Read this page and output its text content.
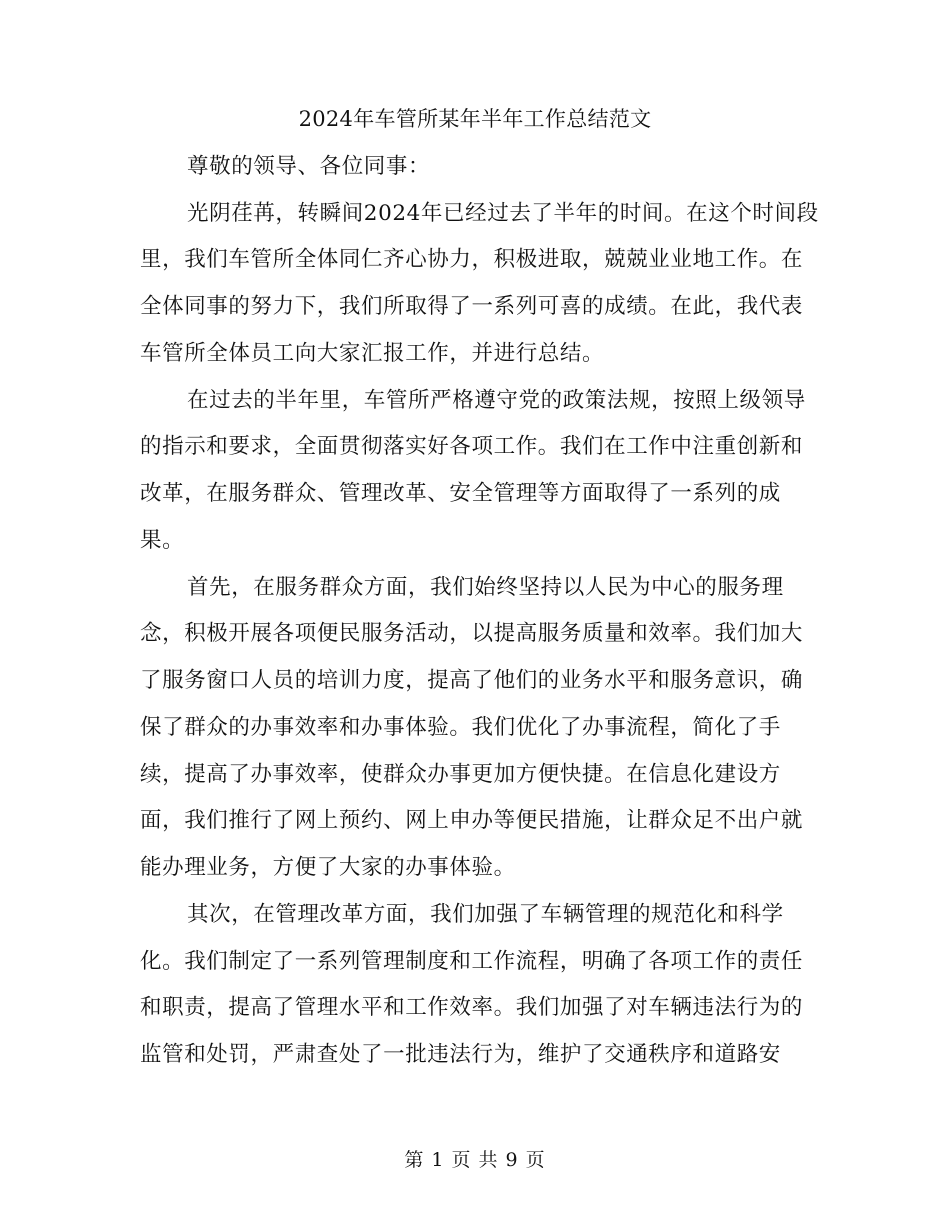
2024年车管所某年半年工作总结范文
尊敬的领导、各位同事：
光阴荏苒，转瞬间2024年已经过去了半年的时间。在这个时间段
里，我们车管所全体同仁齐心协力，积极进取，兢兢业业地工作。在
全体同事的努力下，我们所取得了一系列可喜的成绩。在此，我代表
车管所全体员工向大家汇报工作，并进行总结。
在过去的半年里，车管所严格遵守党的政策法规，按照上级领导
的指示和要求，全面贯彻落实好各项工作。我们在工作中注重创新和
改革，在服务群众、管理改革、安全管理等方面取得了一系列的成
果。
首先，在服务群众方面，我们始终坚持以人民为中心的服务理
念，积极开展各项便民服务活动，以提高服务质量和效率。我们加大
了服务窗口人员的培训力度，提高了他们的业务水平和服务意识，确
保了群众的办事效率和办事体验。我们优化了办事流程，简化了手
续，提高了办事效率，使群众办事更加方便快捷。在信息化建设方
面，我们推行了网上预约、网上申办等便民措施，让群众足不出户就
能办理业务，方便了大家的办事体验。
其次，在管理改革方面，我们加强了车辆管理的规范化和科学
化。我们制定了一系列管理制度和工作流程，明确了各项工作的责任
和职责，提高了管理水平和工作效率。我们加强了对车辆违法行为的
监管和处罚，严肃查处了一批违法行为，维护了交通秩序和道路安
第 1 页 共 9 页
